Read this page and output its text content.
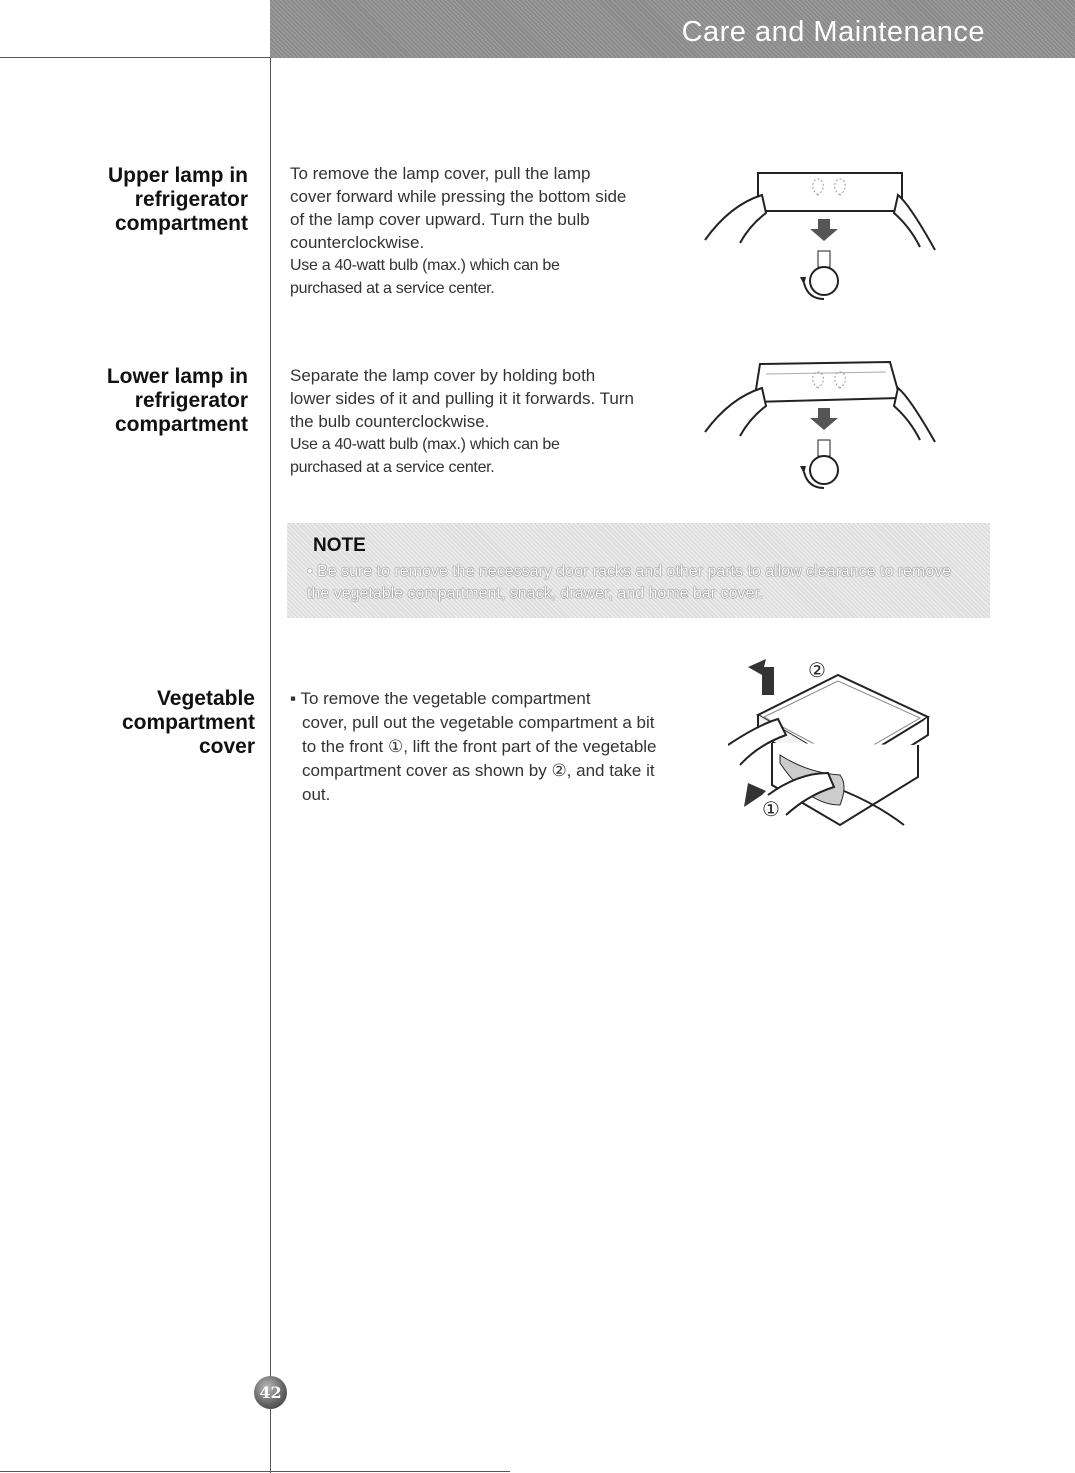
Care and Maintenance
Upper lamp in
refrigerator
compartment

To remove the lamp cover, pull the lamp cover forward while pressing the bottom side of the lamp cover upward. Turn the bulb counterclockwise.

Use a 40-watt bulb (max.) which can be purchased at a service center.

Lower lamp in
refrigerator
compartment

Separate the lamp cover by holding both lower sides of it and pulling it it forwards. Turn the bulb counterclockwise.

Use a 40-watt bulb (max.) which can be purchased at a service center.

NOTE
• Be sure to remove the necessary door racks and other parts to allow clearance to remove the vegetable compartment, snack, drawer, and home bar cover.
Vegetable
compartment
cover
▪ To remove the vegetable compartment
cover, pull out the vegetable compartment a bit to the front ①, lift the front part of the vegetable compartment cover as shown by ②, and take it out.
②
①
42
